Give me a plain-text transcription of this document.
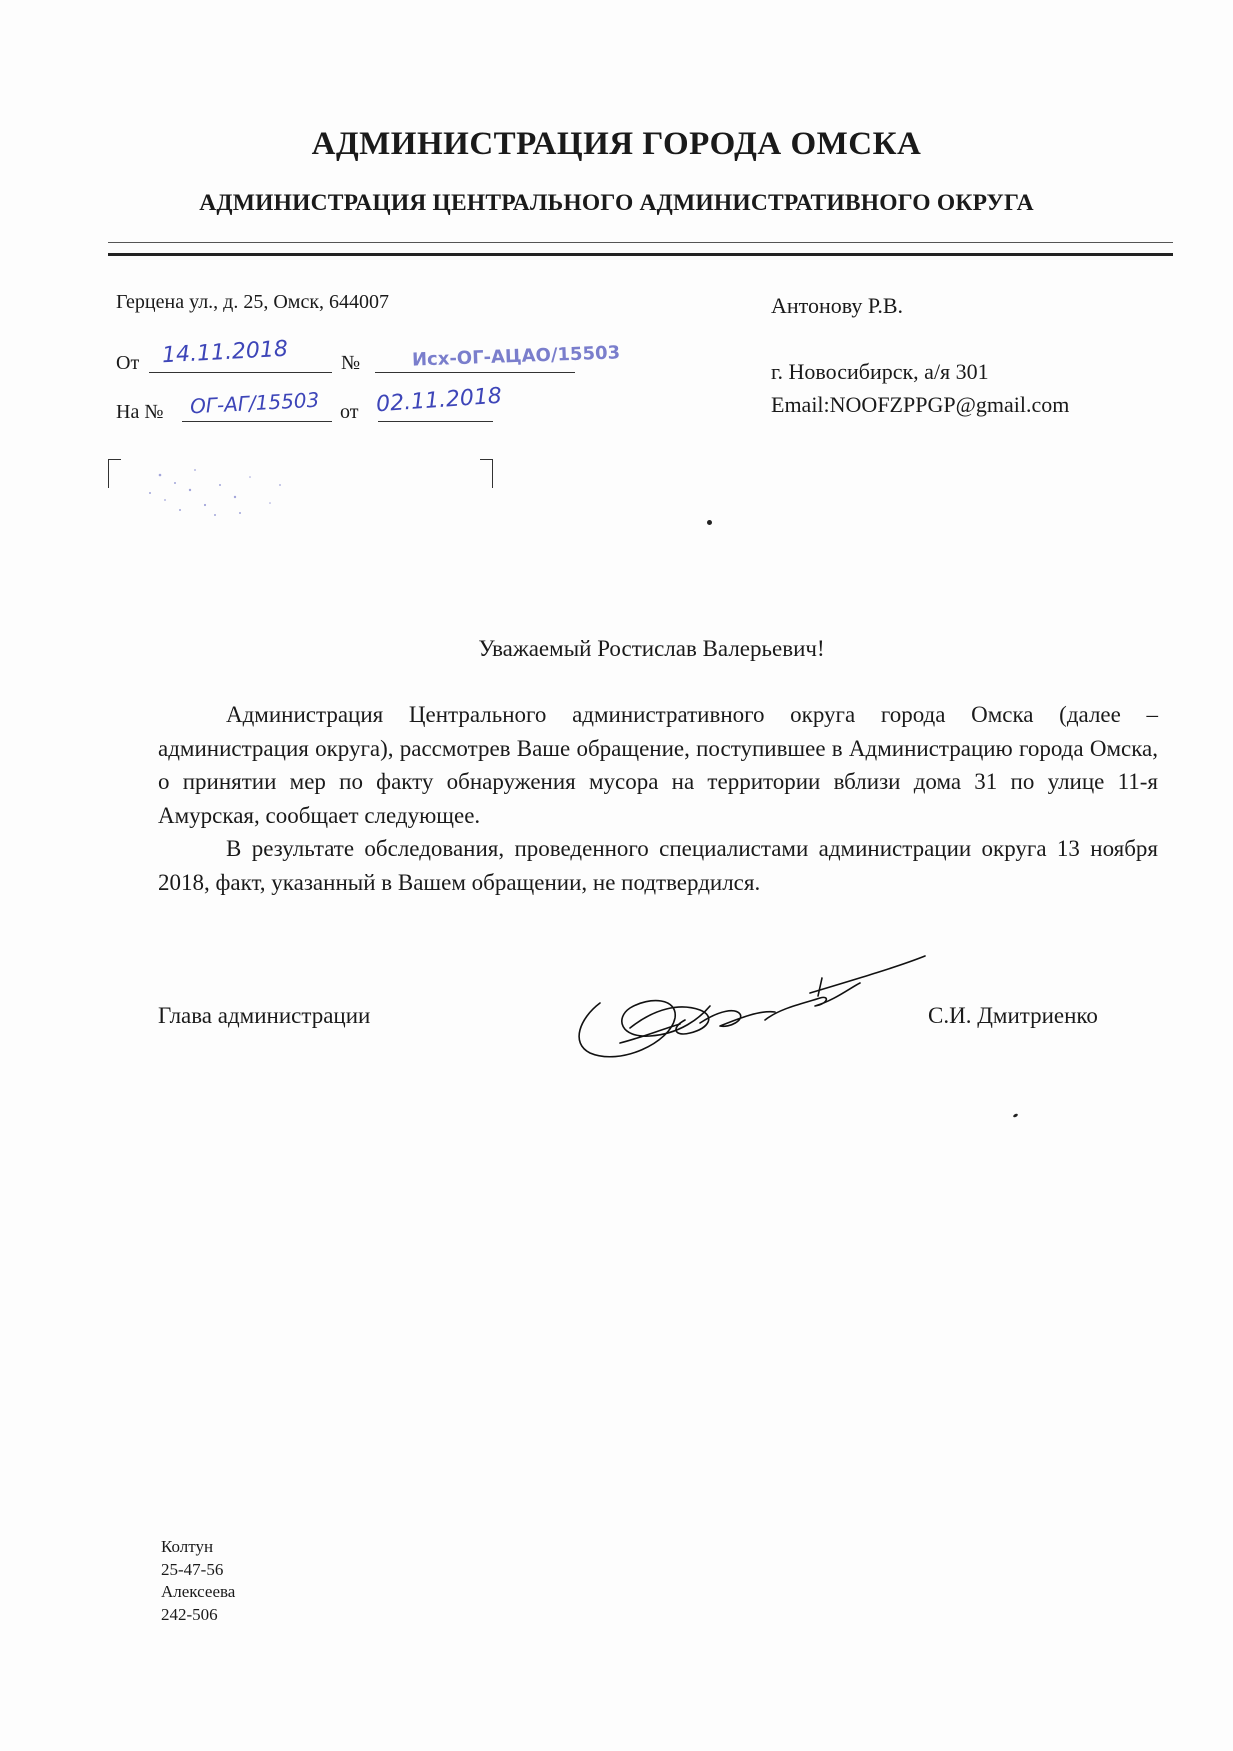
АДМИНИСТРАЦИЯ ГОРОДА ОМСКА
АДМИНИСТРАЦИЯ ЦЕНТРАЛЬНОГО АДМИНИСТРАТИВНОГО ОКРУГА
Герцена ул., д. 25, Омск, 644007
От 14.11.2018	№	Исх-ОГ-АЦАО/15503
На № ОГ-АГ/15503 от 02.11.2018
Антонову Р.В.
г. Новосибирск, а/я 301
Email:NOOFZPPGP@gmail.com
Уважаемый Ростислав Валерьевич!

Администрация Центрального административного округа города Омска (далее – администрация округа), рассмотрев Ваше обращение, поступившее в Администрацию города Омска, о принятии мер по факту обнаружения мусора на территории вблизи дома 31 по улице 11-я Амурская, сообщает следующее.

В результате обследования, проведенного специалистами администрации округа 13 ноября 2018, факт, указанный в Вашем обращении, не подтвердился.

Глава администрации	С.И. Дмитриенко
Колтун
25-47-56
Алексеева
242-506
